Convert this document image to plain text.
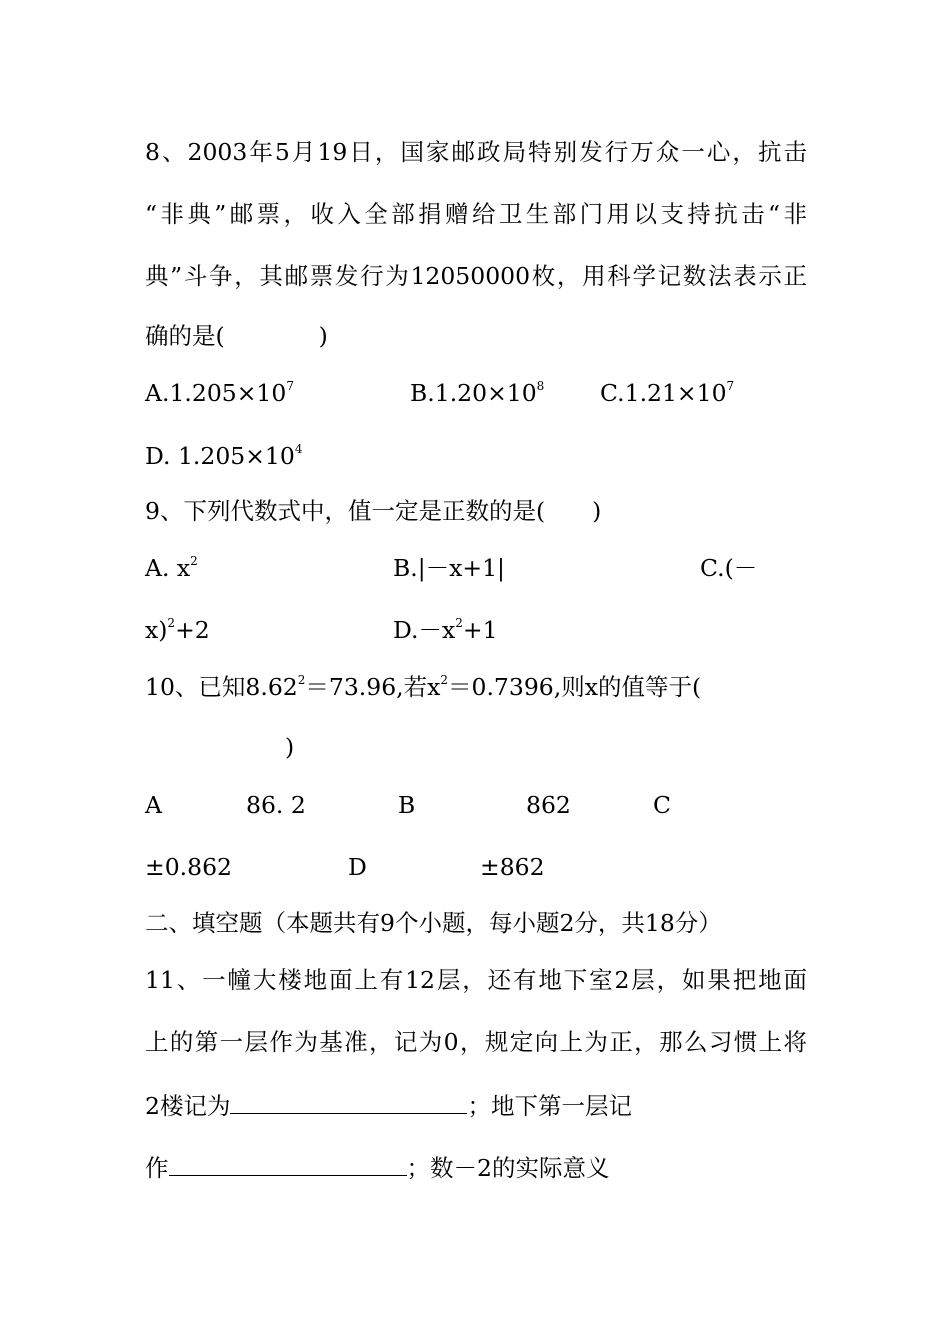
8、2003年5月19日，国家邮政局特别发行万众一心，抗击

“非典”邮票，收入全部捐赠给卫生部门用以支持抗击“非

典”斗争，其邮票发行为12050000枚，用科学记数法表示正

确的是(　　　　)

$A.1.205\times 10^7$	$B.1.20\times 10^8$ $C.1.21\times 10^7$
D. $1.205\times 10^4$

9、下列代数式中，值一定是正数的是(　　)

A. $x^2$	B.|－x+1|	C.(－
x)$^2$+2	$D.-x^2+1$

10、已知$8.62^2=73.96$,若$x^2=0.7396$,则x的值等于(

)
A	86. 2	B	862	C
±0.862	D	±862

二、填空题（本题共有9个小题，每小题2分，共18分）

11、一幢大楼地面上有12层，还有地下室2层，如果把地面

上的第一层作为基准，记为0，规定向上为正，那么习惯上将

2楼记为	；地下第一层记

作	；数－2的实际意义
